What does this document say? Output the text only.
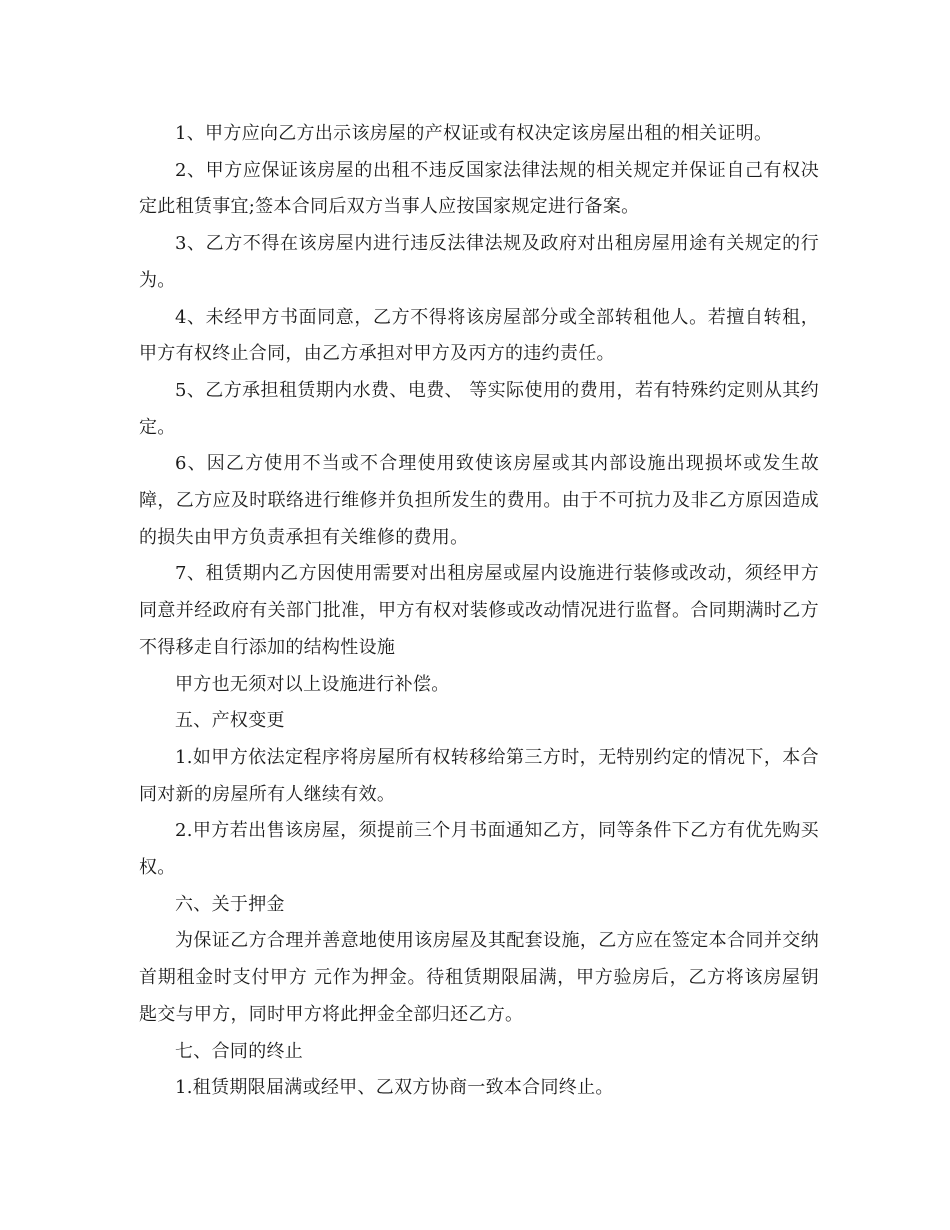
1、甲方应向乙方出示该房屋的产权证或有权决定该房屋出租的相关证明。

2、甲方应保证该房屋的出租不违反国家法律法规的相关规定并保证自己有权决定此租赁事宜;签本合同后双方当事人应按国家规定进行备案。

3、乙方不得在该房屋内进行违反法律法规及政府对出租房屋用途有关规定的行为。

4、未经甲方书面同意，乙方不得将该房屋部分或全部转租他人。若擅自转租，甲方有权终止合同，由乙方承担对甲方及丙方的违约责任。

5、乙方承担租赁期内水费、电费、 等实际使用的费用，若有特殊约定则从其约定。

6、因乙方使用不当或不合理使用致使该房屋或其内部设施出现损坏或发生故障，乙方应及时联络进行维修并负担所发生的费用。由于不可抗力及非乙方原因造成的损失由甲方负责承担有关维修的费用。

7、租赁期内乙方因使用需要对出租房屋或屋内设施进行装修或改动，须经甲方同意并经政府有关部门批准，甲方有权对装修或改动情况进行监督。合同期满时乙方不得移走自行添加的结构性设施

甲方也无须对以上设施进行补偿。

五、产权变更

1.如甲方依法定程序将房屋所有权转移给第三方时，无特别约定的情况下，本合同对新的房屋所有人继续有效。

2.甲方若出售该房屋，须提前三个月书面通知乙方，同等条件下乙方有优先购买权。

六、关于押金

为保证乙方合理并善意地使用该房屋及其配套设施，乙方应在签定本合同并交纳首期租金时支付甲方 元作为押金。待租赁期限届满，甲方验房后，乙方将该房屋钥匙交与甲方，同时甲方将此押金全部归还乙方。

七、合同的终止

1.租赁期限届满或经甲、乙双方协商一致本合同终止。
